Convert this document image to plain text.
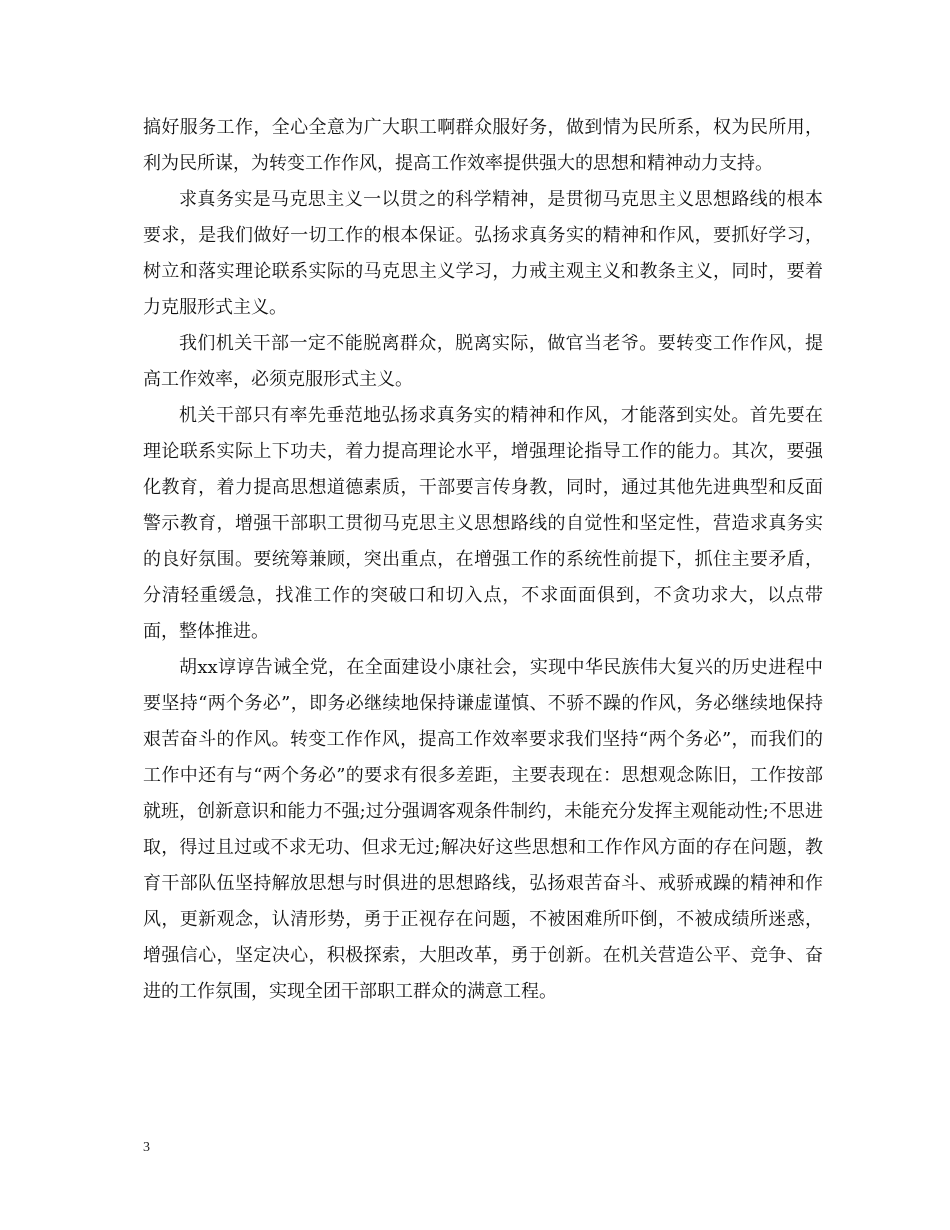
搞好服务工作，全心全意为广大职工啊群众服好务，做到情为民所系，权为民所用，利为民所谋，为转变工作作风，提高工作效率提供强大的思想和精神动力支持。

求真务实是马克思主义一以贯之的科学精神，是贯彻马克思主义思想路线的根本要求，是我们做好一切工作的根本保证。弘扬求真务实的精神和作风，要抓好学习，树立和落实理论联系实际的马克思主义学习，力戒主观主义和教条主义，同时，要着力克服形式主义。

我们机关干部一定不能脱离群众，脱离实际，做官当老爷。要转变工作作风，提高工作效率，必须克服形式主义。

机关干部只有率先垂范地弘扬求真务实的精神和作风，才能落到实处。首先要在理论联系实际上下功夫，着力提高理论水平，增强理论指导工作的能力。其次，要强化教育，着力提高思想道德素质，干部要言传身教，同时，通过其他先进典型和反面警示教育，增强干部职工贯彻马克思主义思想路线的自觉性和坚定性，营造求真务实的良好氛围。要统筹兼顾，突出重点，在增强工作的系统性前提下，抓住主要矛盾，分清轻重缓急，找准工作的突破口和切入点，不求面面俱到，不贪功求大，以点带面，整体推进。

胡xx谆谆告诫全党，在全面建设小康社会，实现中华民族伟大复兴的历史进程中要坚持“两个务必”，即务必继续地保持谦虚谨慎、不骄不躁的作风，务必继续地保持艰苦奋斗的作风。转变工作作风，提高工作效率要求我们坚持“两个务必”，而我们的工作中还有与“两个务必”的要求有很多差距，主要表现在：思想观念陈旧，工作按部就班，创新意识和能力不强;过分强调客观条件制约，未能充分发挥主观能动性;不思进取，得过且过或不求无功、但求无过;解决好这些思想和工作作风方面的存在问题，教育干部队伍坚持解放思想与时俱进的思想路线，弘扬艰苦奋斗、戒骄戒躁的精神和作风，更新观念，认清形势，勇于正视存在问题，不被困难所吓倒，不被成绩所迷惑，增强信心，坚定决心，积极探索，大胆改革，勇于创新。在机关营造公平、竞争、奋进的工作氛围，实现全团干部职工群众的满意工程。

3
